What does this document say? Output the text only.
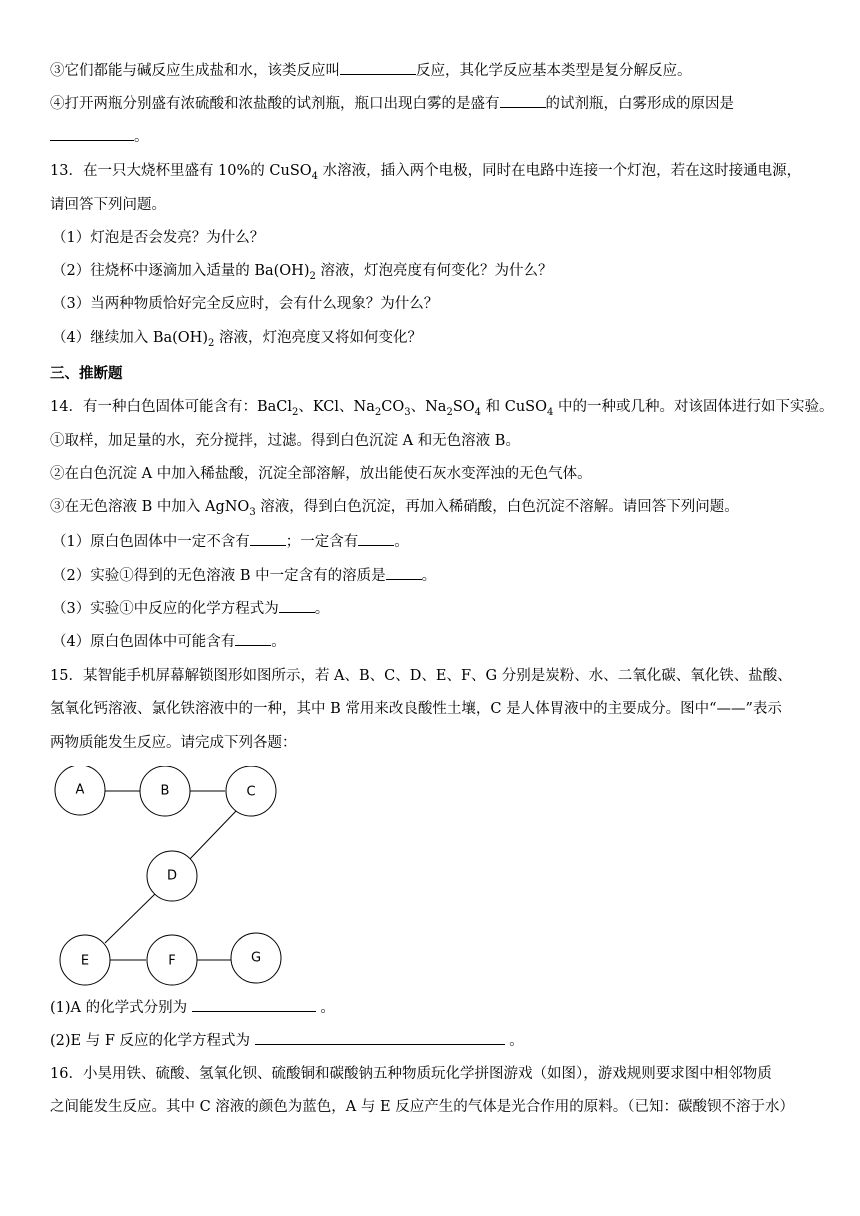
③它们都能与碱反应生成盐和水，该类反应叫	反应，其化学反应基本类型是复分解反应。
④打开两瓶分别盛有浓硫酸和浓盐酸的试剂瓶，瓶口出现白雾的是盛有	的试剂瓶，白雾形成的原因是
。
13．在一只大烧杯里盛有 10%的 CuSO$_4$ 水溶液，插入两个电极，同时在电路中连接一个灯泡，若在这时接通电源，
请回答下列问题。
（1）灯泡是否会发亮？为什么？
（2）往烧杯中逐滴加入适量的 $Ba(OH)_2$ 溶液，灯泡亮度有何变化？为什么？
（3）当两种物质恰好完全反应时，会有什么现象？为什么？
（4）继续加入 $Ba(OH)_2$ 溶液，灯泡亮度又将如何变化？
三、推断题
14．有一种白色固体可能含有：BaCl$_2$、KCl、$Na_2CO_3$、$Na_2SO_4$ 和 CuSO$_4$ 中的一种或几种。对该固体进行如下实验。
①取样，加足量的水，充分搅拌，过滤。得到白色沉淀 A 和无色溶液 B。
②在白色沉淀 A 中加入稀盐酸，沉淀全部溶解，放出能使石灰水变浑浊的无色气体。
③在无色溶液 B 中加入 AgNO$_3$ 溶液，得到白色沉淀，再加入稀硝酸，白色沉淀不溶解。请回答下列问题。
（1）原白色固体中一定不含有 ；一定含有 。
（2）实验①得到的无色溶液 B 中一定含有的溶质是 。
（3）实验①中反应的化学方程式为 。
（4）原白色固体中可能含有 。
15．某智能手机屏幕解锁图形如图所示，若 A、B、C、D、E、F、G 分别是炭粉、水、二氧化碳、氧化铁、盐酸、
氢氧化钙溶液、氯化铁溶液中的一种，其中 B 常用来改良酸性土壤，C 是人体胃液中的主要成分。图中“——”表示
两物质能发生反应。请完成下列各题：
A	B	C
D
E	F	G
(1)A 的化学式分别为	。
(2)E 与 F 反应的化学方程式为	。
16．小昊用铁、硫酸、氢氧化钡、硫酸铜和碳酸钠五种物质玩化学拼图游戏（如图），游戏规则要求图中相邻物质
之间能发生反应。其中 C 溶液的颜色为蓝色，A 与 E 反应产生的气体是光合作用的原料。（已知：碳酸钡不溶于水）
